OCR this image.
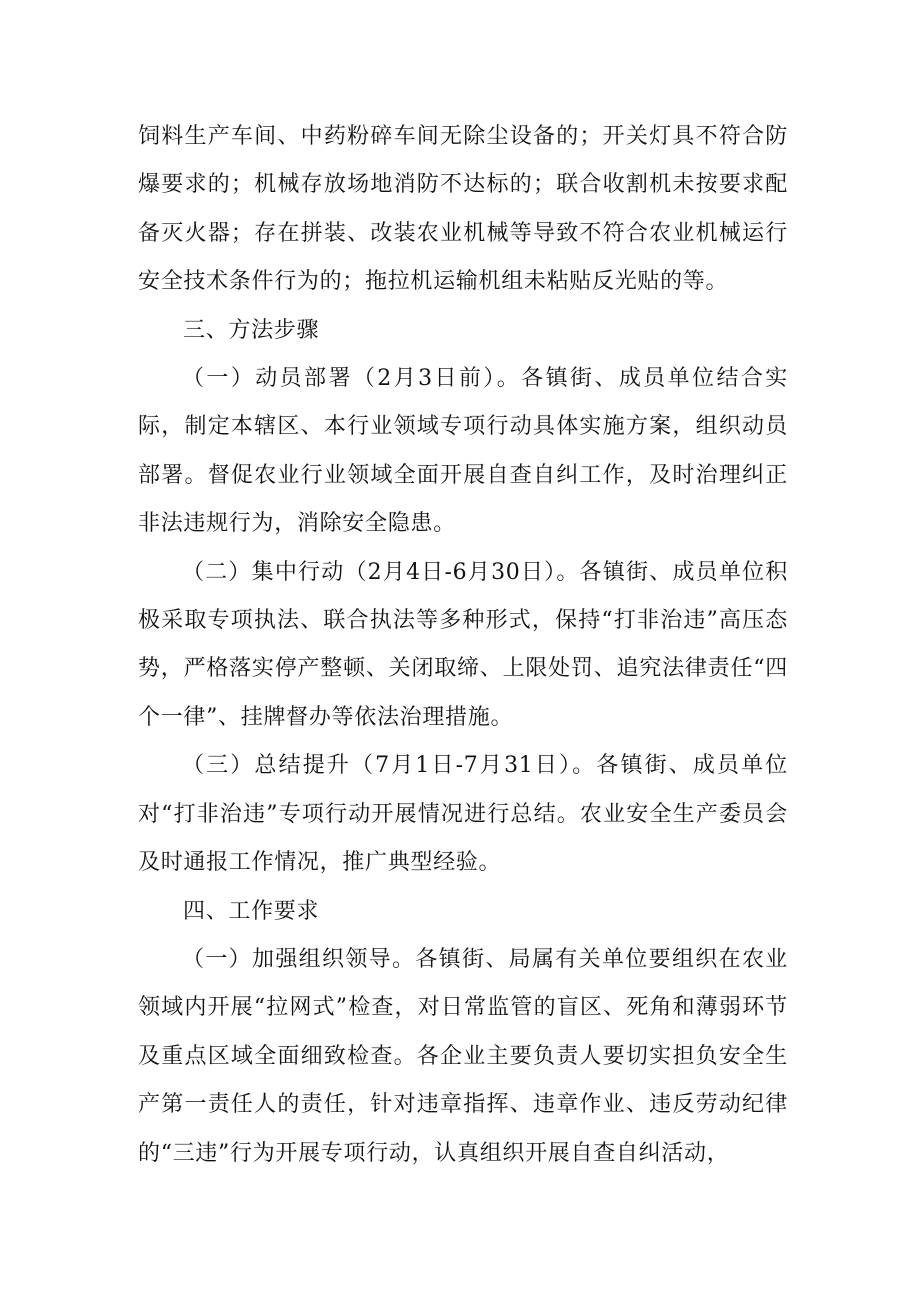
饲料生产车间、中药粉碎车间无除尘设备的；开关灯具不符合防爆要求的；机械存放场地消防不达标的；联合收割机未按要求配备灭火器；存在拼装、改装农业机械等导致不符合农业机械运行安全技术条件行为的；拖拉机运输机组未粘贴反光贴的等。

三、方法步骤

（一）动员部署（2月3日前）。各镇街、成员单位结合实际，制定本辖区、本行业领域专项行动具体实施方案，组织动员部署。督促农业行业领域全面开展自查自纠工作，及时治理纠正非法违规行为，消除安全隐患。

（二）集中行动（2月4日-6月30日）。各镇街、成员单位积极采取专项执法、联合执法等多种形式，保持“打非治违”高压态势，严格落实停产整顿、关闭取缔、上限处罚、追究法律责任“四个一律”、挂牌督办等依法治理措施。

（三）总结提升（7月1日-7月31日）。各镇街、成员单位对“打非治违”专项行动开展情况进行总结。农业安全生产委员会及时通报工作情况，推广典型经验。

四、工作要求

（一）加强组织领导。各镇街、局属有关单位要组织在农业领域内开展“拉网式”检查，对日常监管的盲区、死角和薄弱环节及重点区域全面细致检查。各企业主要负责人要切实担负安全生产第一责任人的责任，针对违章指挥、违章作业、违反劳动纪律的“三违”行为开展专项行动，认真组织开展自查自纠活动，
